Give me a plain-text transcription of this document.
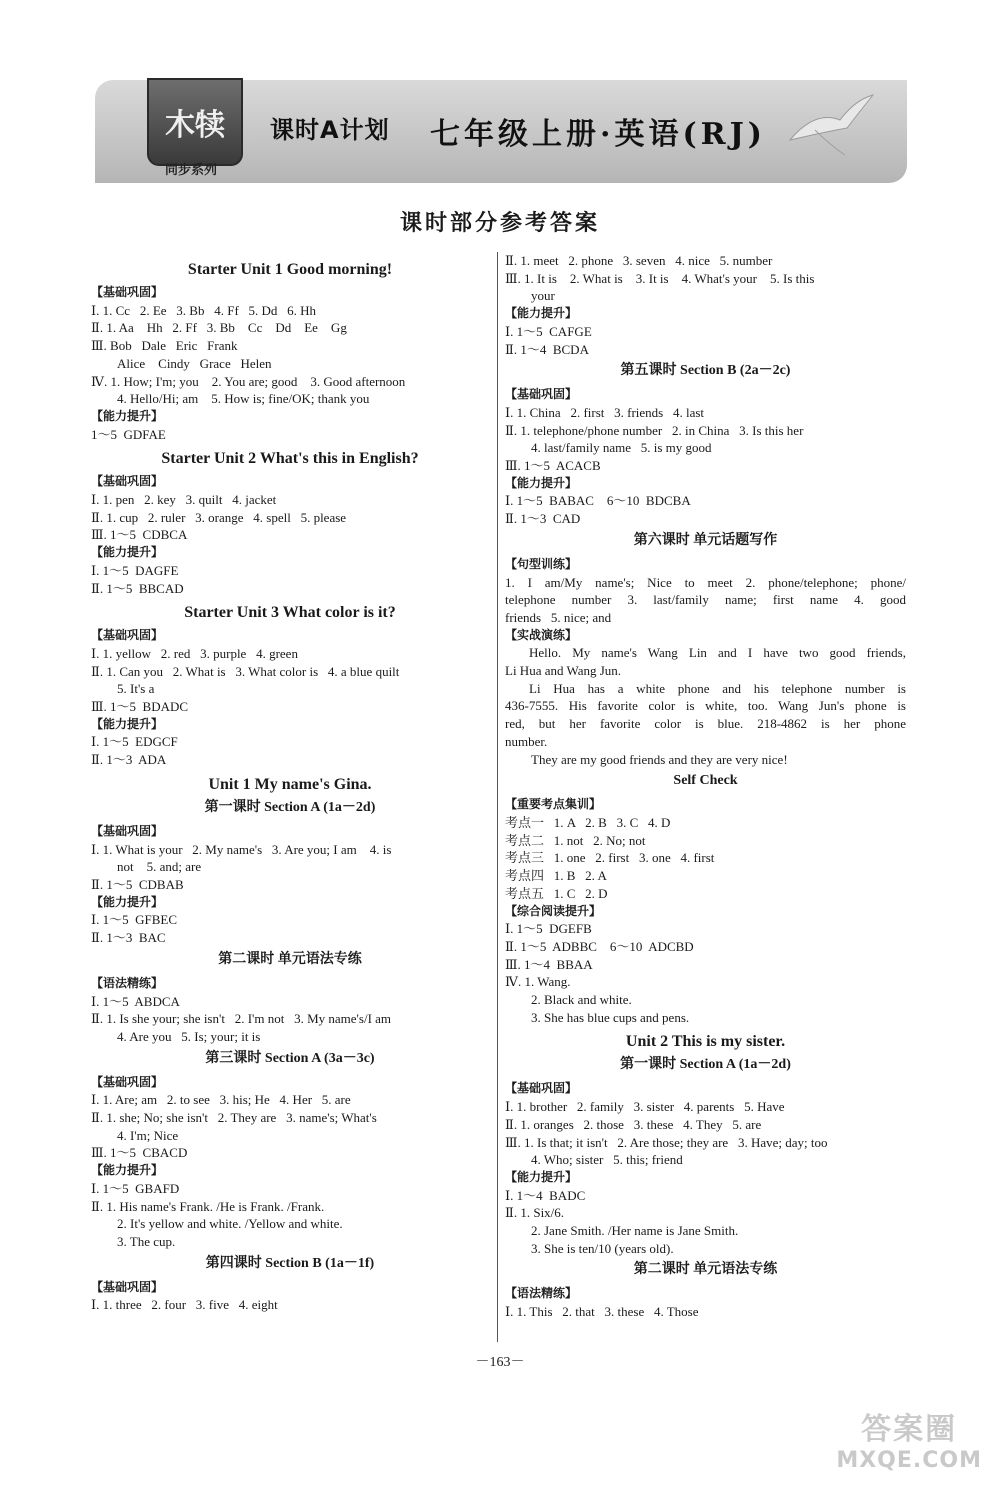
木犊
同步系列
课时A计划 七年级上册·英语(RJ)
课时部分参考答案
Starter Unit 1 Good morning!
【基础巩固】
Ⅰ. 1. Cc   2. Ee   3. Bb   4. Ff   5. Dd   6. Hh
Ⅱ. 1. Aa    Hh   2. Ff   3. Bb    Cc    Dd    Ee    Gg
Ⅲ. Bob   Dale   Eric   Frank
Alice    Cindy   Grace   Helen
Ⅳ. 1. How; I'm; you    2. You are; good    3. Good afternoon
4. Hello/Hi; am    5. How is; fine/OK; thank you
【能力提升】
1～5  GDFAE
Starter Unit 2 What's this in English?
【基础巩固】
Ⅰ. 1. pen   2. key   3. quilt   4. jacket
Ⅱ. 1. cup   2. ruler   3. orange   4. spell   5. please
Ⅲ. 1～5  CDBCA
【能力提升】
Ⅰ. 1～5  DAGFE
Ⅱ. 1～5  BBCAD
Starter Unit 3 What color is it?
【基础巩固】
Ⅰ. 1. yellow   2. red   3. purple   4. green
Ⅱ. 1. Can you   2. What is   3. What color is   4. a blue quilt
5. It's a
Ⅲ. 1～5  BDADC
【能力提升】
Ⅰ. 1～5  EDGCF
Ⅱ. 1～3  ADA
Unit 1 My name's Gina.
第一课时 Section A (1a－2d)
【基础巩固】
Ⅰ. 1. What is your   2. My name's   3. Are you; I am    4. is
not    5. and; are
Ⅱ. 1～5  CDBAB
【能力提升】
Ⅰ. 1～5  GFBEC
Ⅱ. 1～3  BAC
第二课时 单元语法专练
【语法精练】
Ⅰ. 1～5  ABDCA
Ⅱ. 1. Is she your; she isn't   2. I'm not   3. My name's/I am
4. Are you   5. Is; your; it is
第三课时 Section A (3a－3c)
【基础巩固】
Ⅰ. 1. Are; am   2. to see   3. his; He   4. Her   5. are
Ⅱ. 1. she; No; she isn't   2. They are   3. name's; What's
4. I'm; Nice
Ⅲ. 1～5  CBACD
【能力提升】
Ⅰ. 1～5  GBAFD
Ⅱ. 1. His name's Frank. /He is Frank. /Frank.
2. It's yellow and white. /Yellow and white.
3. The cup.
第四课时 Section B (1a－1f)
【基础巩固】
Ⅰ. 1. three   2. four   3. five   4. eight
Ⅱ. 1. meet   2. phone   3. seven   4. nice   5. number
Ⅲ. 1. It is    2. What is    3. It is    4. What's your    5. Is this
your
【能力提升】
Ⅰ. 1～5  CAFGE
Ⅱ. 1～4  BCDA
第五课时 Section B (2a－2c)
【基础巩固】
Ⅰ. 1. China   2. first   3. friends   4. last
Ⅱ. 1. telephone/phone number   2. in China   3. Is this her
4. last/family name   5. is my good
Ⅲ. 1～5  ACACB
【能力提升】
Ⅰ. 1～5  BABAC    6～10  BDCBA
Ⅱ. 1～3  CAD
第六课时 单元话题写作
【句型训练】
1. I am/My name's; Nice to meet 2. phone/telephone; phone/
telephone number 3. last/family name; first name 4. good
friends   5. nice; and
【实战演练】
Hello. My name's Wang Lin and I have two good friends,
Li Hua and Wang Jun.
Li Hua has a white phone and his telephone number is
436-7555. His favorite color is white, too. Wang Jun's phone is
red, but her favorite color is blue. 218-4862 is her phone
number.
They are my good friends and they are very nice!
Self Check
【重要考点集训】
考点一   1. A   2. B   3. C   4. D
考点二   1. not   2. No; not
考点三   1. one   2. first   3. one   4. first
考点四   1. B   2. A
考点五   1. C   2. D
【综合阅读提升】
Ⅰ. 1～5  DGEFB
Ⅱ. 1～5  ADBBC    6～10  ADCBD
Ⅲ. 1～4  BBAA
Ⅳ. 1. Wang.
2. Black and white.
3. She has blue cups and pens.
Unit 2 This is my sister.
第一课时 Section A (1a－2d)
【基础巩固】
Ⅰ. 1. brother   2. family   3. sister   4. parents   5. Have
Ⅱ. 1. oranges   2. those   3. these   4. They   5. are
Ⅲ. 1. Is that; it isn't   2. Are those; they are   3. Have; day; too
4. Who; sister   5. this; friend
【能力提升】
Ⅰ. 1～4  BADC
Ⅱ. 1. Six/6.
2. Jane Smith. /Her name is Jane Smith.
3. She is ten/10 (years old).
第二课时 单元语法专练
【语法精练】
Ⅰ. 1. This   2. that   3. these   4. Those
－163－
答案圈
MXQE.COM
